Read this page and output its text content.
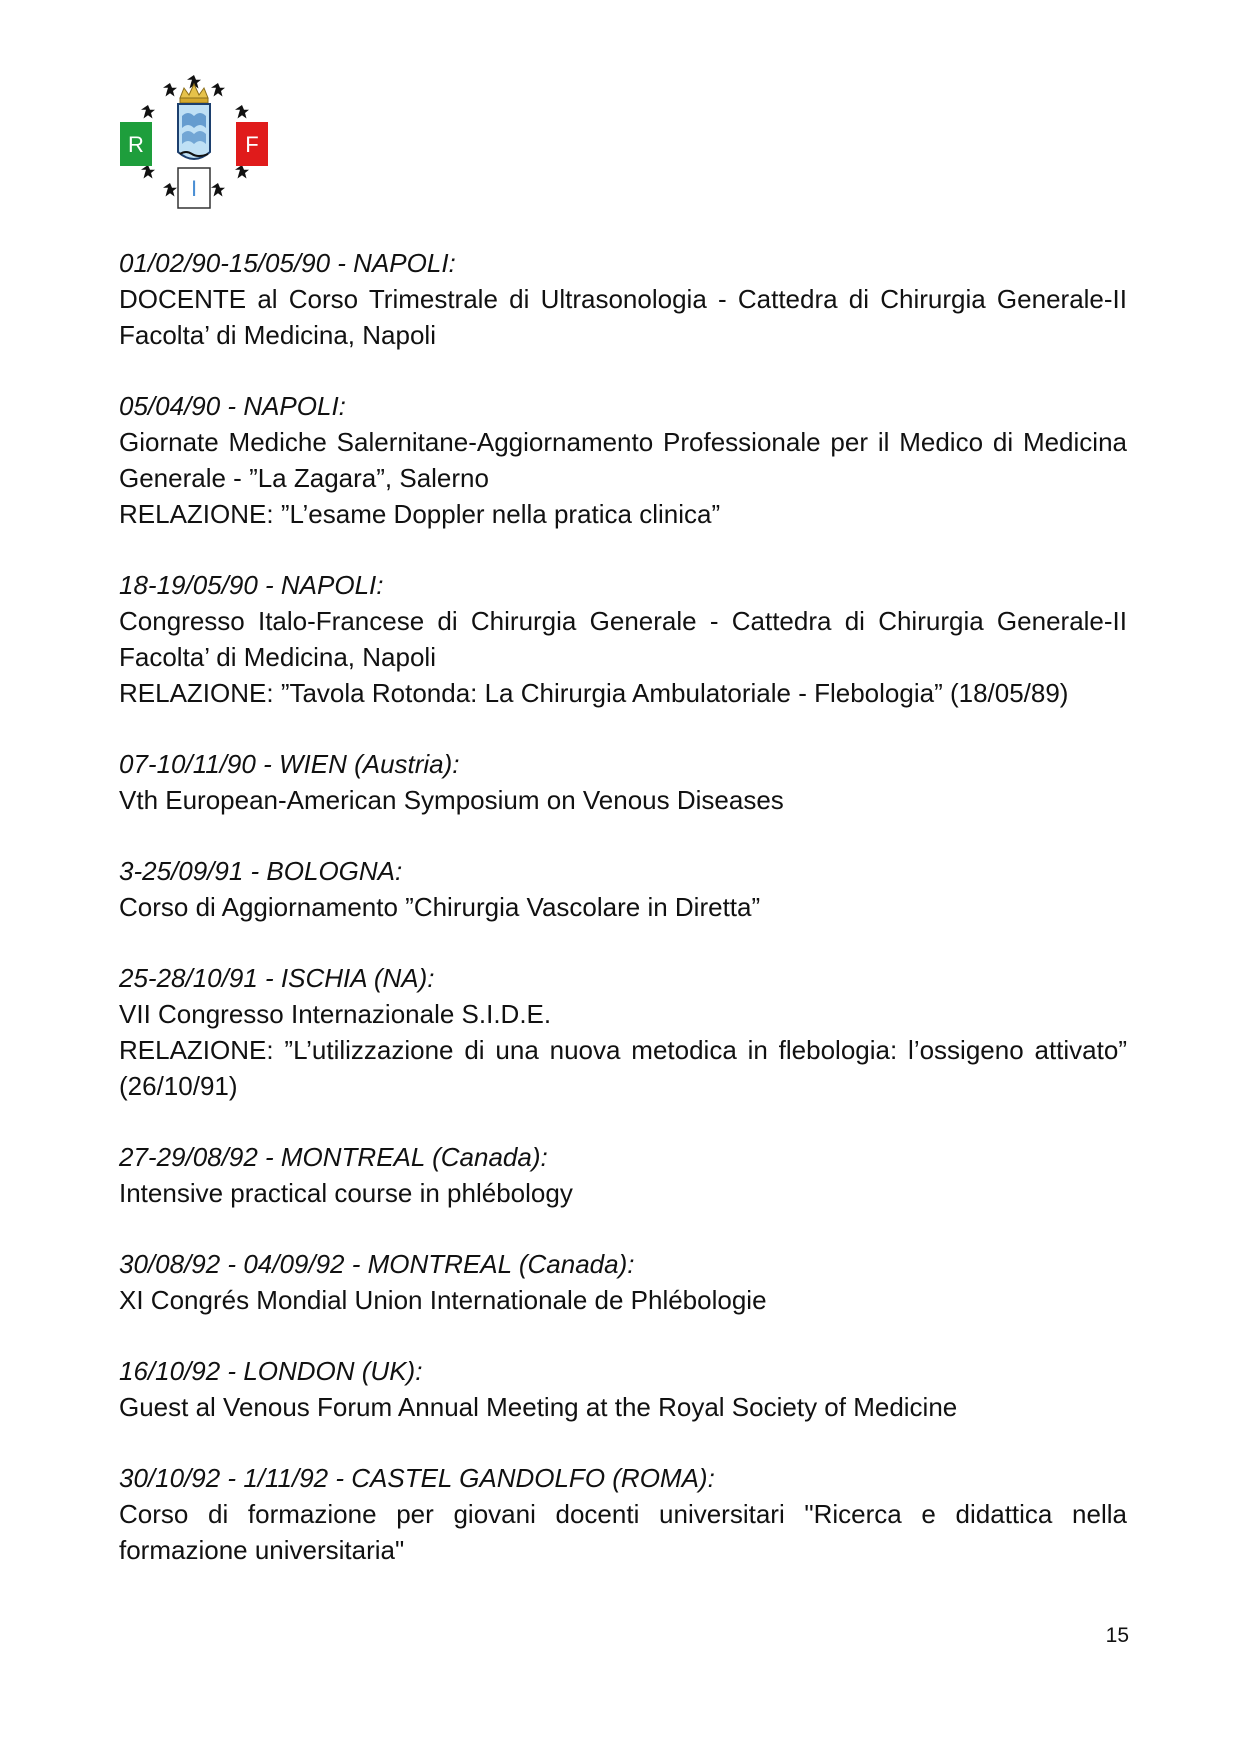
R	F
I

01/02/90-15/05/90 - NAPOLI:

DOCENTE al Corso Trimestrale di Ultrasonologia - Cattedra di Chirurgia Generale-II Facolta’ di Medicina, Napoli

05/04/90 - NAPOLI:

Giornate Mediche Salernitane-Aggiornamento Professionale per il Medico di Medicina Generale - ”La Zagara”, Salerno

RELAZIONE: ”L’esame Doppler nella pratica clinica”

18-19/05/90 - NAPOLI:

Congresso Italo-Francese di Chirurgia Generale - Cattedra di Chirurgia Generale-II Facolta’ di Medicina, Napoli

RELAZIONE: ”Tavola Rotonda: La Chirurgia Ambulatoriale - Flebologia” (18/05/89)

07-10/11/90 - WIEN (Austria):

Vth European-American Symposium on Venous Diseases

3-25/09/91 - BOLOGNA:

Corso di Aggiornamento ”Chirurgia Vascolare in Diretta”

25-28/10/91 - ISCHIA (NA):

VII Congresso Internazionale S.I.D.E.

RELAZIONE: ”L’utilizzazione di una nuova metodica in flebologia: l’ossigeno attivato” (26/10/91)

27-29/08/92 - MONTREAL (Canada):

Intensive practical course in phlébology

30/08/92 - 04/09/92 - MONTREAL (Canada):

XI Congrés Mondial Union Internationale de Phlébologie

16/10/92 - LONDON (UK):

Guest al Venous Forum Annual Meeting at the Royal Society of Medicine

30/10/92 - 1/11/92 - CASTEL GANDOLFO (ROMA):

Corso di formazione per giovani docenti universitari "Ricerca e didattica nella formazione universitaria"

15
